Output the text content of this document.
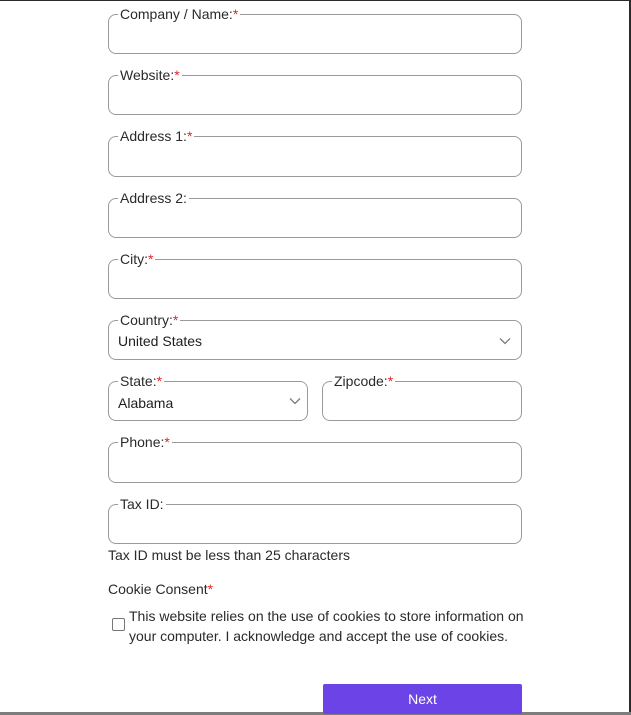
Company / Name:*
Website:*
Address 1:*
Address 2:
City:*
Country:*
United States
State:*
Alabama
Zipcode:*
Phone:*
Tax ID:
Tax ID must be less than 25 characters
Cookie Consent*
This website relies on the use of cookies to store information on your computer. I acknowledge and accept the use of cookies.
Next
